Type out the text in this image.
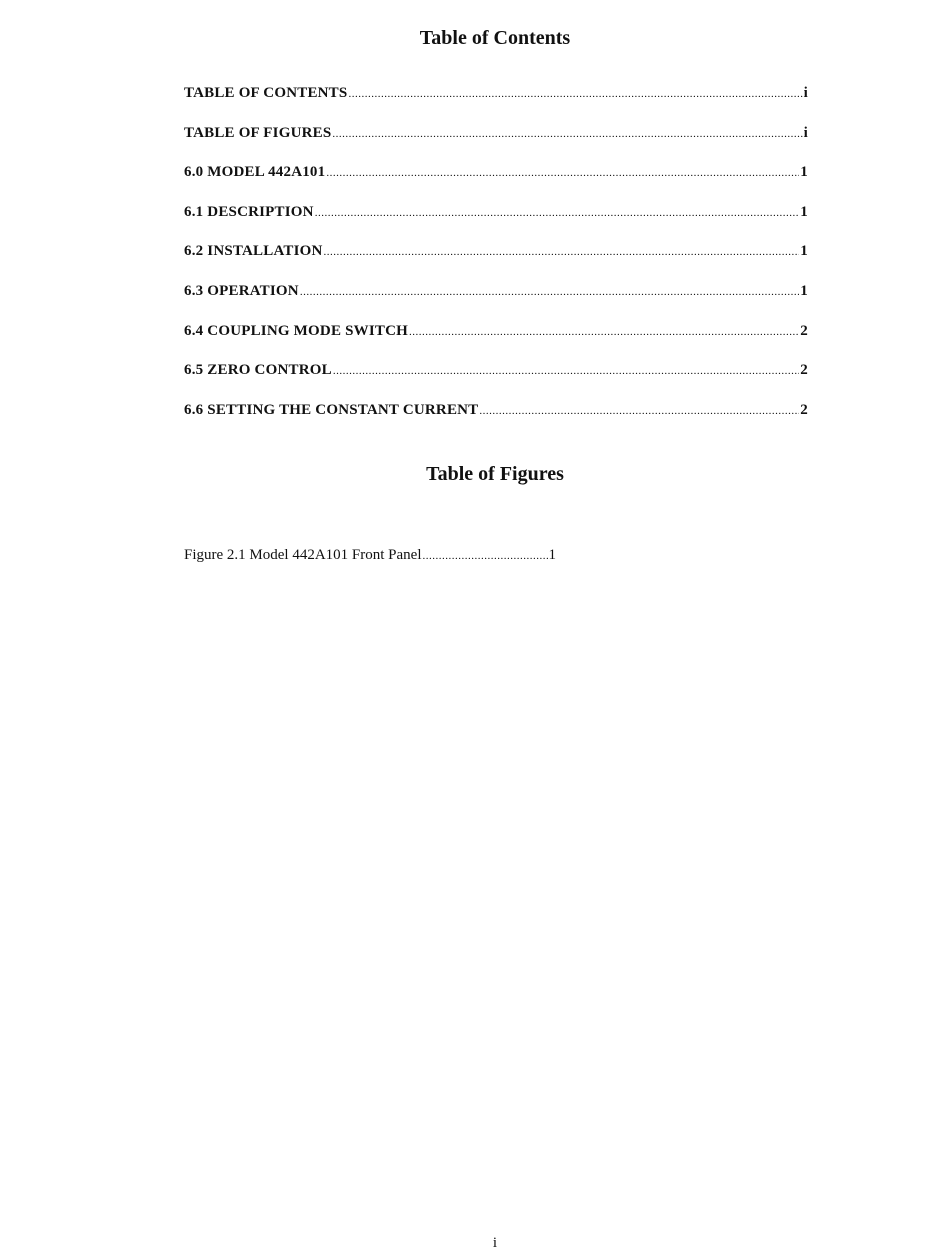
Table of Contents
TABLE OF CONTENTS .....	i
TABLE OF FIGURES .....	i
6.0 MODEL 442A101 .....	1
6.1 DESCRIPTION .....	1
6.2 INSTALLATION .....	1
6.3 OPERATION .....	1
6.4 COUPLING MODE SWITCH .....	2
6.5 ZERO CONTROL .....	2
6.6 SETTING THE CONSTANT CURRENT .....	2
Table of Figures
Figure 2.1 Model 442A101 Front Panel .....	1
i
